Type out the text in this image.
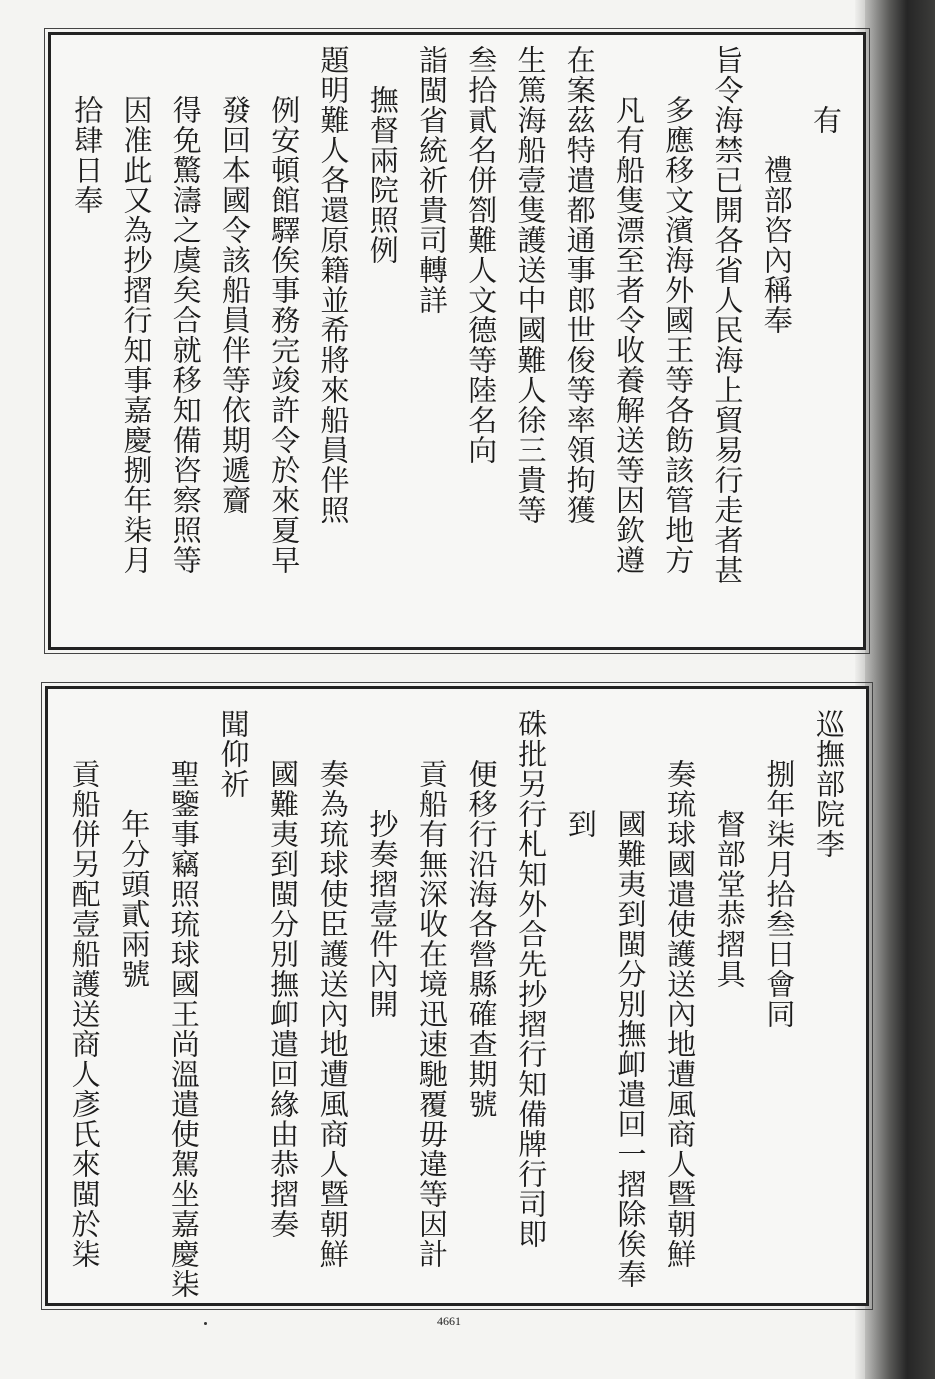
有
禮部咨內稱奉
旨令海禁已開各省人民海上貿易行走者甚
多應移文濱海外國王等各飭該管地方
凡有船隻漂至者令收養解送等因欽遵
在案茲特遣都通事郎世俊等率領拘獲
生篤海船壹隻護送中國難人徐三貴等
叁拾貳名併劄難人文德等陸名向
詣閩省統祈貴司轉詳
撫督兩院照例
題明難人各還原籍並希將來船員伴照
例安頓館驛俟事務完竣許令於來夏早
發回本國令該船員伴等依期遞齎
得免驚濤之虞矣合就移知備咨察照等
因准此又為抄摺行知事嘉慶捌年柒月
拾肆日奉
巡撫部院李
捌年柒月拾叁日會同
督部堂恭摺具
奏琉球國遣使護送內地遭風商人暨朝鮮
國難夷到閩分別撫卹遣回一摺除俟奉
到
硃批另行札知外合先抄摺行知備牌行司即
便移行沿海各營縣確查期號
貢船有無深收在境迅速馳覆毋違等因計
抄奏摺壹件內開
奏為琉球使臣護送內地遭風商人暨朝鮮
國難夷到閩分別撫卹遣回緣由恭摺奏
聞仰祈
聖鑒事竊照琉球國王尚溫遣使駕坐嘉慶柒
年分頭貳兩號
貢船併另配壹船護送商人彥氏來閩於柒
4661
